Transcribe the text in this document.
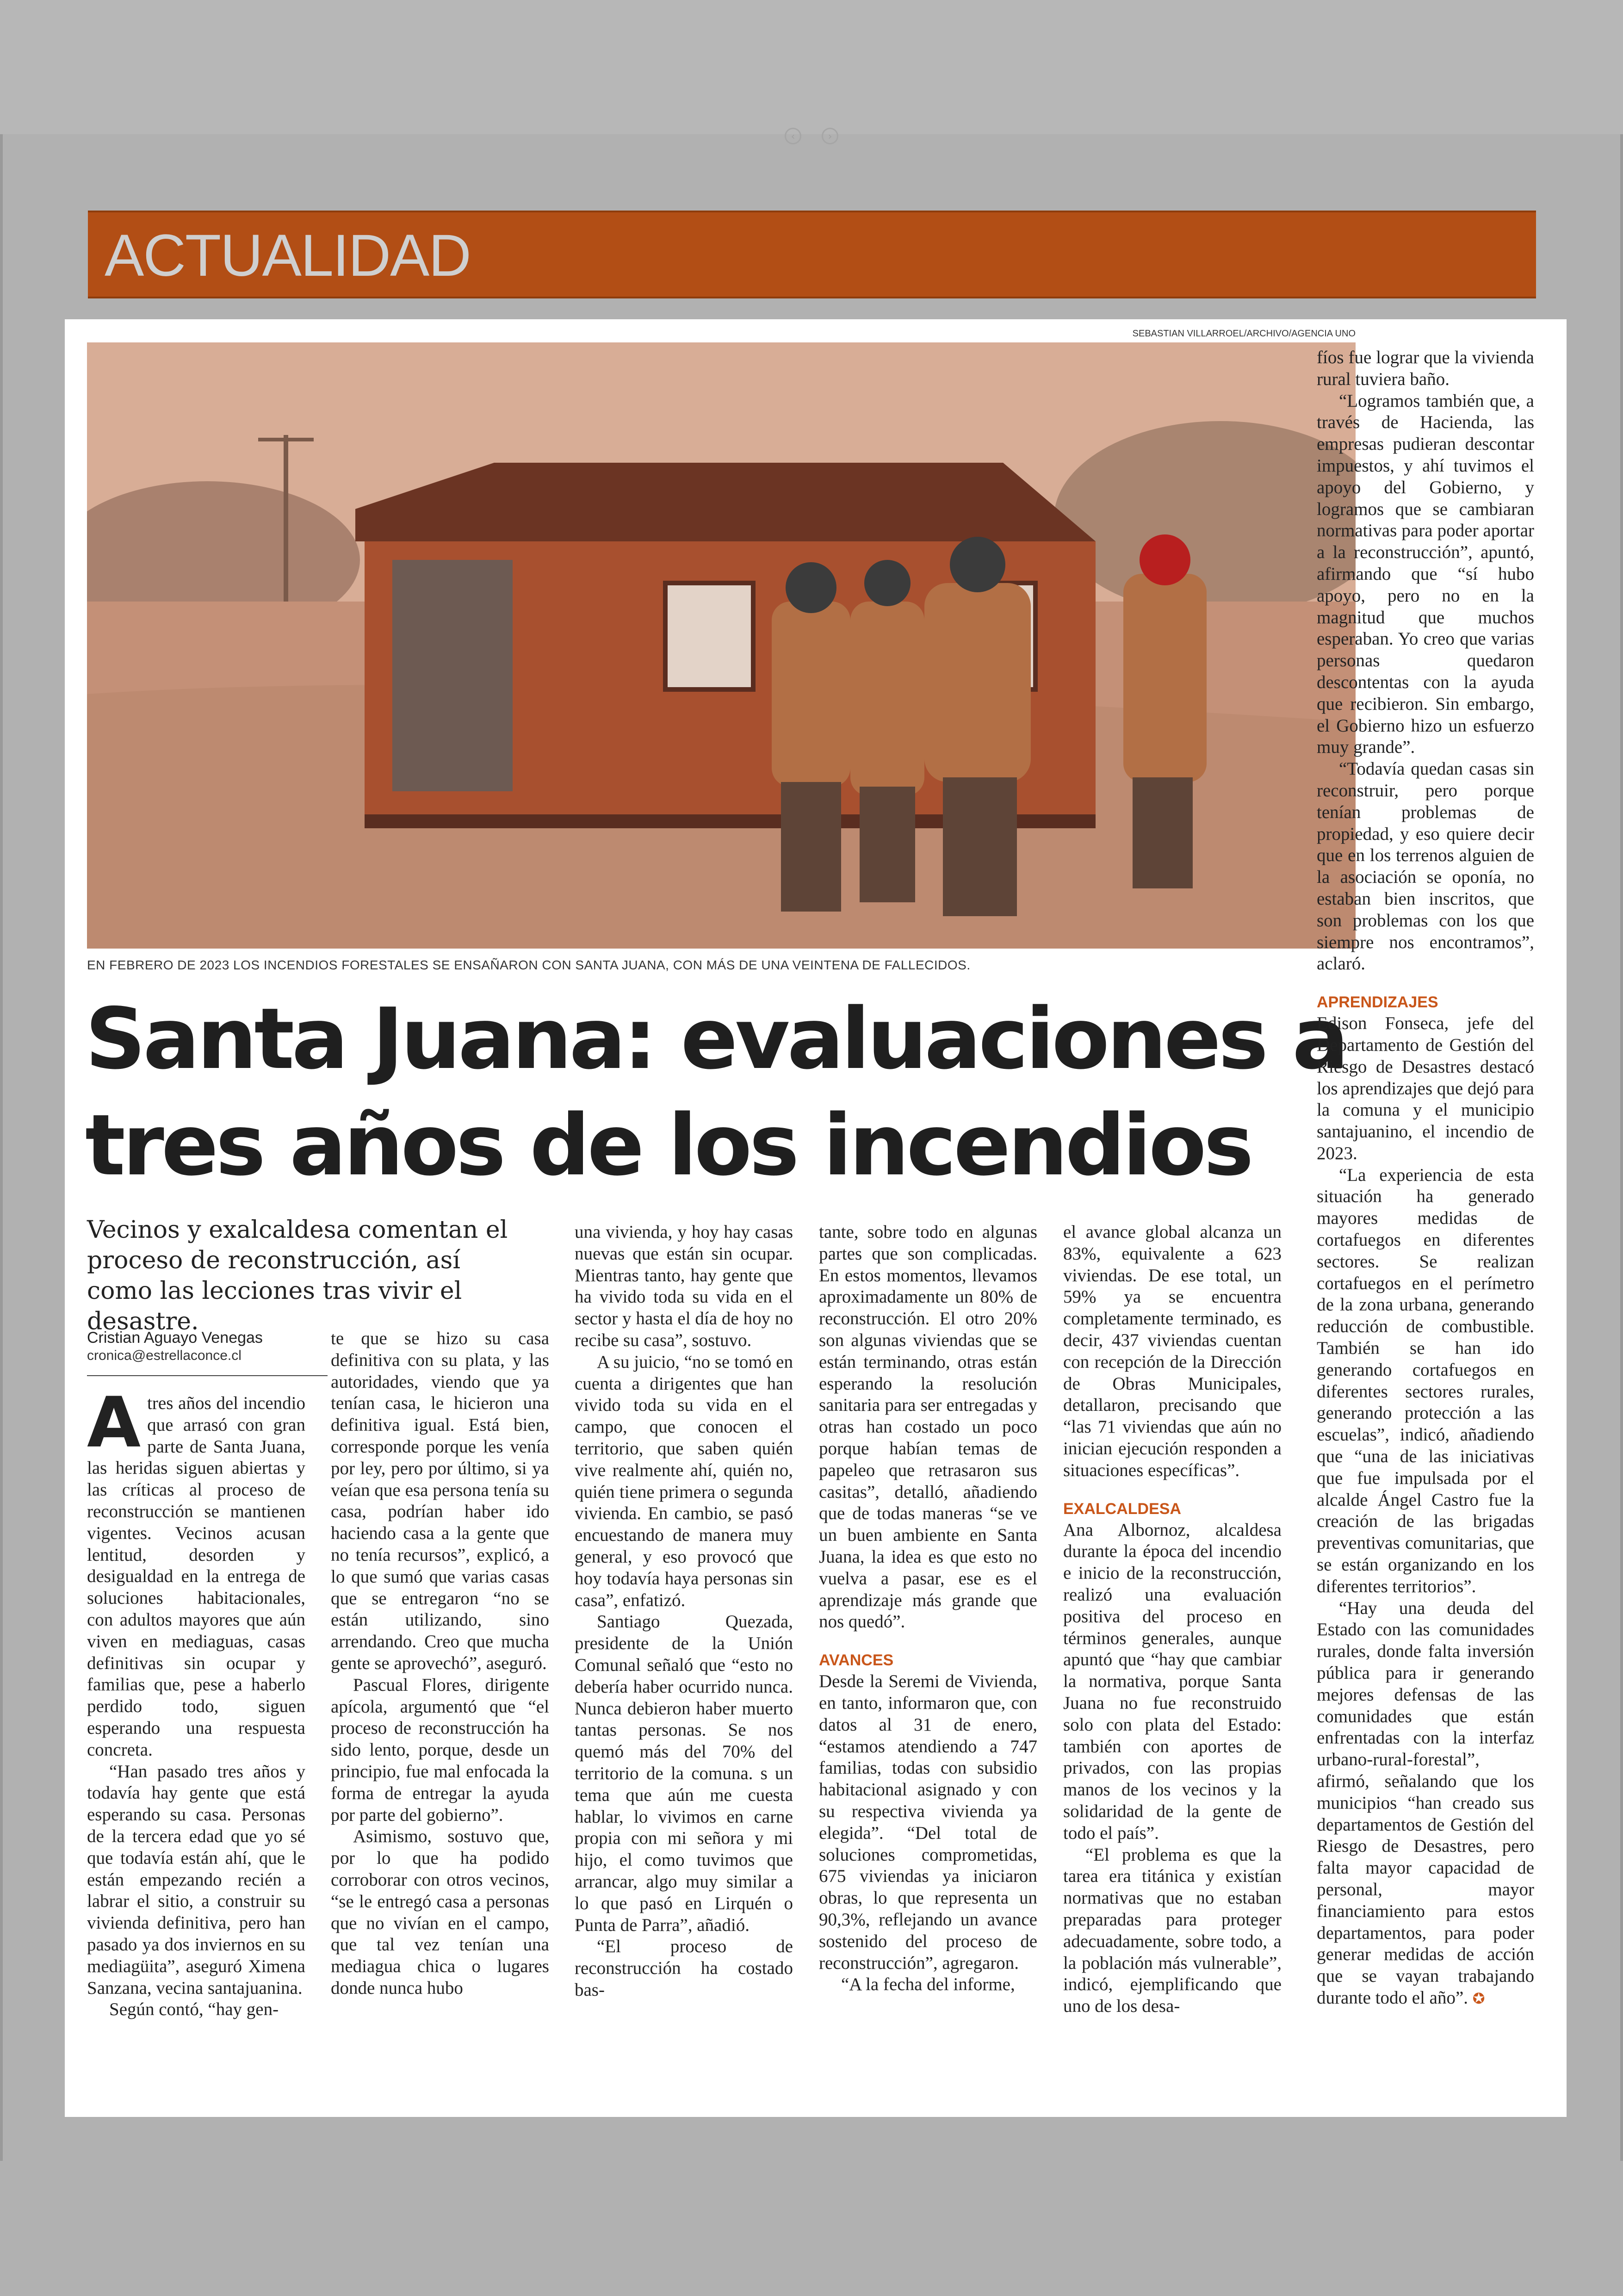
‹	›
ACTUALIDAD
SEBASTIAN VILLARROEL/ARCHIVO/AGENCIA UNO
EN FEBRERO DE 2023 LOS INCENDIOS FORESTALES SE ENSAÑARON CON SANTA JUANA, CON MÁS DE UNA VEINTENA DE FALLECIDOS.
Santa Juana: evaluaciones a tres años de los incendios
Vecinos y exalcaldesa comentan el proceso de reconstrucción, así como las lecciones tras vivir el desastre.
Cristian Aguayo Venegas
cronica@estrellaconce.cl

Atres años del incendio que arrasó con gran parte de Santa Juana, las heridas siguen abiertas y las críticas al proceso de reconstrucción se mantienen vigentes. Vecinos acusan lentitud, desorden y desigualdad en la entrega de soluciones habitacionales, con adultos mayores que aún viven en mediaguas, casas definitivas sin ocupar y familias que, pese a haberlo perdido todo, siguen esperando una respuesta concreta.

“Han pasado tres años y todavía hay gente que está esperando su casa. Personas de la tercera edad que yo sé que todavía están ahí, que le están empezando recién a labrar el sitio, a construir su vivienda definitiva, pero han pasado ya dos inviernos en su mediagüita”, aseguró Ximena Sanzana, vecina santajuanina.

Según contó, “hay gen-

te que se hizo su casa definitiva con su plata, y las autoridades, viendo que ya tenían casa, le hicieron una definitiva igual. Está bien, corresponde porque les venía por ley, pero por último, si ya veían que esa persona tenía su casa, podrían haber ido haciendo casa a la gente que no tenía recursos”, explicó, a lo que sumó que varias casas que se entregaron “no se están utilizando, sino arrendando. Creo que mucha gente se aprovechó”, aseguró.

Pascual Flores, dirigente apícola, argumentó que “el proceso de reconstrucción ha sido lento, porque, desde un principio, fue mal enfocada la forma de entregar la ayuda por parte del gobierno”.

Asimismo, sostuvo que, por lo que ha podido corroborar con otros vecinos, “se le entregó casa a personas que no vivían en el campo, que tal vez tenían una mediagua chica o lugares donde nunca hubo

una vivienda, y hoy hay casas nuevas que están sin ocupar. Mientras tanto, hay gente que ha vivido toda su vida en el sector y hasta el día de hoy no recibe su casa”, sostuvo.

A su juicio, “no se tomó en cuenta a dirigentes que han vivido toda su vida en el campo, que conocen el territorio, que saben quién vive realmente ahí, quién no, quién tiene primera o segunda vivienda. En cambio, se pasó encuestando de manera muy general, y eso provocó que hoy todavía haya personas sin casa”, enfatizó.

Santiago Quezada, presidente de la Unión Comunal señaló que “esto no debería haber ocurrido nunca. Nunca debieron haber muerto tantas personas. Se nos quemó más del 70% del territorio de la comuna. s un tema que aún me cuesta hablar, lo vivimos en carne propia con mi señora y mi hijo, el como tuvimos que arrancar, algo muy similar a lo que pasó en Lirquén o Punta de Parra”, añadió.

“El proceso de reconstrucción ha costado bas-

tante, sobre todo en algunas partes que son complicadas. En estos momentos, llevamos aproximadamente un 80% de reconstrucción. El otro 20% son algunas viviendas que se están terminando, otras están esperando la resolución sanitaria para ser entregadas y otras han costado un poco porque habían temas de papeleo que retrasaron sus casitas”, detalló, añadiendo que de todas maneras “se ve un buen ambiente en Santa Juana, la idea es que esto no vuelva a pasar, ese es el aprendizaje más grande que nos quedó”.

AVANCES

Desde la Seremi de Vivienda, en tanto, informaron que, con datos al 31 de enero, “estamos atendiendo a 747 familias, todas con subsidio habitacional asignado y con su respectiva vivienda ya elegida”. “Del total de soluciones comprometidas, 675 viviendas ya iniciaron obras, lo que representa un 90,3%, reflejando un avance sostenido del proceso de reconstrucción”, agregaron.

“A la fecha del informe,

el avance global alcanza un 83%, equivalente a 623 viviendas. De ese total, un 59% ya se encuentra completamente terminado, es decir, 437 viviendas cuentan con recepción de la Dirección de Obras Municipales, detallaron, precisando que “las 71 viviendas que aún no inician ejecución responden a situaciones específicas”.

EXALCALDESA

Ana Albornoz, alcaldesa durante la época del incendio e inicio de la reconstrucción, realizó una evaluación positiva del proceso en términos generales, aunque apuntó que “hay que cambiar la normativa, porque Santa Juana no fue reconstruido solo con plata del Estado: también con aportes de privados, con las propias manos de los vecinos y la solidaridad de la gente de todo el país”.

“El problema es que la tarea era titánica y existían normativas que no estaban preparadas para proteger adecuadamente, sobre todo, a la población más vulnerable”, indicó, ejemplificando que uno de los desa-

fíos fue lograr que la vivienda rural tuviera baño.

“Logramos también que, a través de Hacienda, las empresas pudieran descontar impuestos, y ahí tuvimos el apoyo del Gobierno, y logramos que se cambiaran normativas para poder aportar a la reconstrucción”, apuntó, afirmando que “sí hubo apoyo, pero no en la magnitud que muchos esperaban. Yo creo que varias personas quedaron descontentas con la ayuda que recibieron. Sin embargo, el Gobierno hizo un esfuerzo muy grande”.

“Todavía quedan casas sin reconstruir, pero porque tenían problemas de propiedad, y eso quiere decir que en los terrenos alguien de la asociación se oponía, no estaban bien inscritos, que son problemas con los que siempre nos encontramos”, aclaró.

APRENDIZAJES

Edison Fonseca, jefe del Departamento de Gestión del Riesgo de Desastres destacó los aprendizajes que dejó para la comuna y el municipio santajuanino, el incendio de 2023.

“La experiencia de esta situación ha generado mayores medidas de cortafuegos en diferentes sectores. Se realizan cortafuegos en el perímetro de la zona urbana, generando reducción de combustible. También se han ido generando cortafuegos en diferentes sectores rurales, generando protección a las escuelas”, indicó, añadiendo que “una de las iniciativas que fue impulsada por el alcalde Ángel Castro fue la creación de las brigadas preventivas comunitarias, que se están organizando en los diferentes territorios”.

“Hay una deuda del Estado con las comunidades rurales, donde falta inversión pública para ir generando mejores defensas de las comunidades que están enfrentadas con la interfaz urbano-rural-forestal”, afirmó, señalando que los municipios “han creado sus departamentos de Gestión del Riesgo de Desastres, pero falta mayor capacidad de personal, mayor financiamiento para estos departamentos, para poder generar medidas de acción que se vayan trabajando durante todo el año”. ✪
